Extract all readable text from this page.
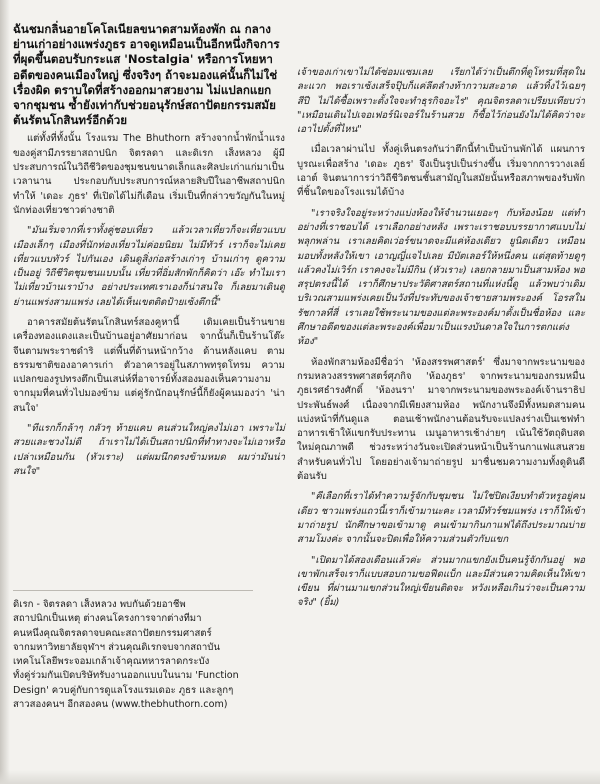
ฉันชมกลิ่นอายโคโลเนียลขนาดสามห้องพัก ณ กลางย่านเก่าอย่างแพร่งภูธร อาจดูเหมือนเป็นอีกหนึ่งกิจการที่ผุดขึ้นตอบรับกระแส 'Nostalgia' หรือการโหยหาอดีตของคนเมืองใหญ่ ซึ่งจริงๆ ถ้าจะมองแค่นั้นก็ไม่ใช่เรื่องผิด ตราบใดที่สร้างออกมาสวยงาม ไม่แปลกแยกจากชุมชน ซ้ำยังเท่ากับช่วยอนุรักษ์สถาปัตยกรรมสมัยต้นรัตนโกสินทร์อีกด้วย

แต่ทั้งที่ทั้งนั้น โรงแรม The Bhuthorn สร้างจากน้ำพักน้ำแรงของคู่สามีภรรยาสถาปนิก จิตรลดา และดิเรก เส็งหลวง ผู้มีประสบการณ์ในวิถีชีวิตของชุมชนขนาดเล็กและศิลปะเก่าแก่มาเป็นเวลานาน ประกอบกับประสบการณ์หลายสิบปีในอาชีพสถาปนิก ทำให้ 'เดอะ ภูธร' ที่เปิดได้ไม่กี่เดือน เริ่มเป็นที่กล่าวขวัญกันในหมู่นักท่องเที่ยวชาวต่างชาติ

"มันเริ่มจากที่เราทั้งคู่ชอบเที่ยว แล้วเวลาเที่ยวก็จะเที่ยวแบบเมืองเล็กๆ เมืองที่นักท่องเที่ยวไม่ค่อยนิยม ไม่มีทัวร์ เราก็จะไม่เคยเที่ยวแบบทัวร์ ไปกันเอง เดินดูสิ่งก่อสร้างเก่าๆ บ้านเก่าๆ ดูความเป็นอยู่ วิถีชีวิตชุมชนแบบนั้น เที่ยวที่อิ่มสักพักก็คิดว่า เอ๊ะ ทำไมเราไม่เที่ยวบ้านเราบ้าง อย่างประเทศเราเองก็น่าสนใจ ก็เลยมาเดินดูย่านแพร่งสามแพร่ง เลยได้เห็นเขตติดป้ายเซ้งตึกนี้"

อาคารสมัยต้นรัตนโกสินทร์สองคูหานี้ เดิมเคยเป็นร้านขายเครื่องทองแดงและเป็นบ้านอยู่อาศัยมาก่อน จากนั้นก็เป็นร้านโต๊ะจีนตามพระราชดำริ แต่พื้นที่ด้านหน้ากว้าง ด้านหลังแคบ ตามธรรมชาติของอาคารเก่า ตัวอาคารอยู่ในสภาพทรุดโทรม ความแปลกของรูปทรงตึกเป็นเสน่ห์ที่อาจารย์ทั้งสองมองเห็นความงามจากมุมที่คนทั่วไปมองข้าม แต่คู่รักนักอนุรักษ์นี้ก็ยังผู้คนมองว่า 'น่าสนใจ'

"ทีแรกก็กล้าๆ กลัวๆ ท้ายแคบ คนส่วนใหญ่คงไม่เอา เพราะไม่สวยและชวงไม่ดี ถ้าเราไม่ได้เป็นสถาปนิกที่ทำทางจะไม่เอาหรือเปล่าเหมือนกัน (หัวเราะ) แต่ผมนึกตรงข้ามหมด ผมว่ามันน่าสนใจ"

ดิเรก - จิตรลดา เส็งหลวง พบกันด้วยอาชีพ
สถาปนิกเป็นเหตุ ต่างคนโครงการจากต่างที่มา
คนหนึ่งคุณจิตรลดาจบคณะสถาปัตยกรรมศาสตร์
จากมหาวิทยาลัยจุฬาฯ ส่วนคุณดิเรกจบจากสถาบัน
เทคโนโลยีพระจอมเกล้าเจ้าคุณทหารลาดกระบัง
ทั้งคู่ร่วมกันเปิดบริษัทรับงานออกแบบในนาม 'Function
Design' ควบคู่กับการดูแลโรงแรมเดอะ ภูธร และลูกๆ
สาวสองคนฯ อีกสองคน (www.thebhuthorn.com)

เจ้าของเก่าเขาไม่ได้ซ่อมแซมเลย เรียกได้ว่าเป็นตึกที่ดูโทรมที่สุดในละแวก พอเราเซ้งเสร็จปุ๊บก็แค่ลีตลำงท้ากวามสะอาด แล้วทิ้งไว้เฉยๆ สีปี ไม่ได้ซื้อเพราะตั้งใจจะทำธุรกิจอะไร" คุณจิตรลดาเปรียบเทียบว่า "เหมือนเดินไปเจอเฟอร์นิเจอร์ในร้านสวย ก็ซื้อไว้ก่อนยังไม่ได้คิดว่าจะเอาไปตั้งที่ไหน"

เมื่อเวลาผ่านไป ทั้งคู่เห็นตรงกันว่าตึกนี้ทำเป็นบ้านพักได้ แผนการบูรณะเพื่อสร้าง 'เดอะ ภูธร' จึงเป็นรูปเป็นร่างขึ้น เริ่มจากการวางเลย์เอาต์ จินตนาการว่าวิถีชีวิตชนชั้นสามัญในสมัยนั้นหรือสภาพของรับพักที่ชิ้นใดของโรงแรมได้บ้าง

"เราจริงใจอยู่ระหว่างแบ่งห้องให้จำนวนเยอะๆ กับห้องน้อย แต่ทำอย่างที่เราชอบได้ เราเลือกอย่างหลัง เพราะเราชอบบรรยากาศแบบไม่พลุกพล่าน เราเลยคิดเว่อร์ขนาดจะมีแค่ห้องเดียว ยูนิตเดียว เหมือนมอบทั้งหลังให้เขา เอาญญี่แจไปเลย มีบัตเลอร์ให้หนึ่งคน แต่สุดท้ายดูๆ แล้วคงไม่เวิร์ก เราคงจะไม่มีกิน (หัวเราะ) เลยกลายมาเป็นสามห้อง พอสรุปตรงนี้ได้ เราก็ศึกษาประวัติศาสตร์สถานที่แห่งนี้ดู แล้วพบว่าเดิมบริเวณสามแพร่งเคยเป็นวังที่ประทับของเจ้าชายสามพระองค์ โอรสในรัชกาลที่สี่ เราเลยใช้พระนามของแต่ละพระองค์มาตั้งเป็นชื่อห้อง และศึกษาอดีตของแต่ละพระองค์เพื่อมาเป็นแรงบันดาลใจในการตกแต่งห้อง"

ห้องพักสามห้องมีชื่อว่า 'ห้องสรรพศาสตร์' ซึ่งมาจากพระนามของกรมหลวงสรรพศาสตร์ศุภกิจ 'ห้องภูธร' จากพระนามของกรมหมื่นภูธเรศธำรงศักดิ์ 'ห้องนรา' มาจากพระนามของพระองค์เจ้านราธิปประพันธ์พงศ์ เนื่องจากมีเพียงสามห้อง พนักงานจึงมีทั้งหมดสามคน แบ่งหน้าที่กันดูแล ตอนเช้าพนักงานต้อนรับจะแปลงร่างเป็นเชฟทำอาหารเช้าให้แขกรับประทาน เมนูอาหารเช้าง่ายๆ เน้นใช้วัตถุดิบสดใหม่คุณภาพดี ช่วงระหว่างวันจะเปิดส่วนหน้าเป็นร้านกาแฟแสนสวยสำหรับคนทั่วไป โดยอย่างเจ้ามาถ่ายรูป มาชื่นชมความงามทั้งดูดินดีต้อนรับ

"คีเลือกที่เราได้ทำความรู้จักกับชุมชน ไม่ใช่ปิดเงียบทำตัวหรูอยู่คนเดียว ชาวแพร่งแถวนี้เราก็เข้ามานะคะ เวลามีทัวร์ชมแพร่ง เราก็ให้เข้ามาถ่ายรูป นักศึกษาขอเข้ามาดู คนเข้ามากินกาแฟได้ถึงประมาณบ่ายสามโมงค่ะ จากนั้นจะปิดเพื่อให้ความส่วนตัวกับแขก

"เปิดมาได้สองเดือนแล้วค่ะ ส่วนมากแขกยังเป็นคนรู้จักกันอยู่ พอเขาพักเสร็จเราก็แบบสอบถามขอฟีดแบ็ก และมีส่วนความคิดเห็นให้เขาเขียน ที่ผ่านมาแขกส่วนใหญ่เขียนติดจะ หวังเหลือเกินว่าจะเป็นความจริง" (ยิ้ม)
